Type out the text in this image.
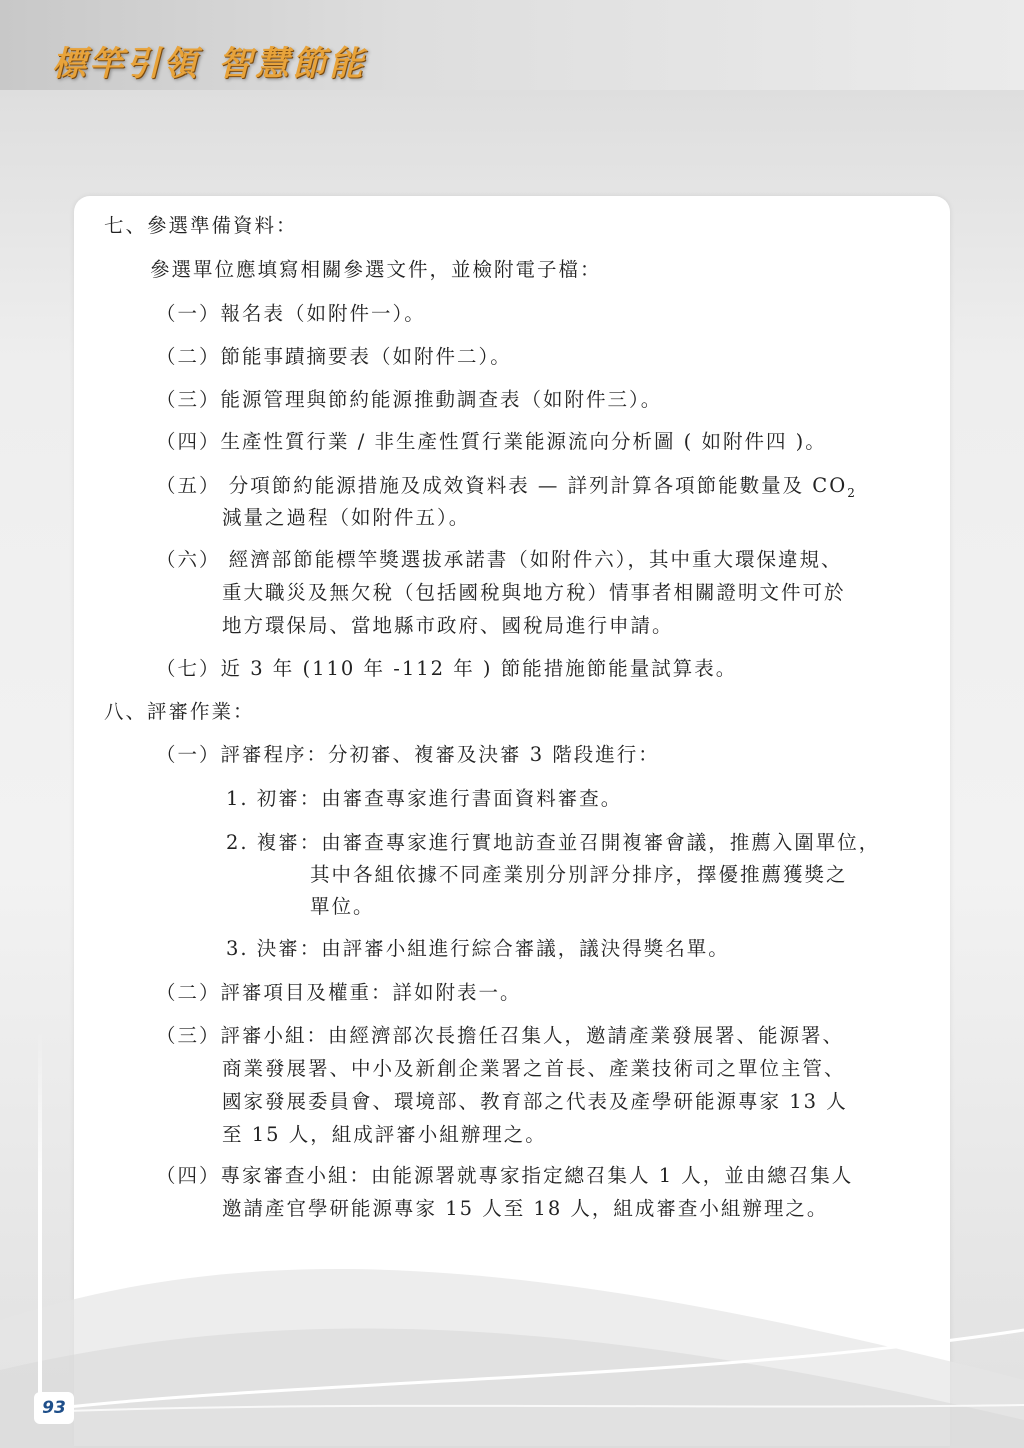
標竿引領 智慧節能
93
七、參選準備資料：
參選單位應填寫相關參選文件，並檢附電子檔：
（一）報名表（如附件一）。
（二）節能事蹟摘要表（如附件二）。
（三）能源管理與節約能源推動調查表（如附件三）。
（四）生產性質行業 / 非生產性質行業能源流向分析圖 ( 如附件四 )。
（五） 分項節約能源措施及成效資料表 — 詳列計算各項節能數量及 $CO_2$
減量之過程（如附件五）。
（六） 經濟部節能標竿獎選拔承諾書（如附件六），其中重大環保違規、
重大職災及無欠稅（包括國稅與地方稅）情事者相關證明文件可於
地方環保局、當地縣市政府、國稅局進行申請。
（七）近 3 年 (110 年 -112 年 ) 節能措施節能量試算表。
八、評審作業：
（一）評審程序：分初審、複審及決審 3 階段進行：
1. 初審：由審查專家進行書面資料審查。
2. 複審：由審查專家進行實地訪查並召開複審會議，推薦入圍單位，
其中各組依據不同產業別分別評分排序，擇優推薦獲獎之
單位。
3. 決審：由評審小組進行綜合審議，議決得獎名單。
（二）評審項目及權重：詳如附表一。
（三）評審小組：由經濟部次長擔任召集人，邀請產業發展署、能源署、
商業發展署、中小及新創企業署之首長、產業技術司之單位主管、
國家發展委員會、環境部、教育部之代表及產學研能源專家 13 人
至 15 人，組成評審小組辦理之。
（四）專家審查小組：由能源署就專家指定總召集人 1 人，並由總召集人
邀請產官學研能源專家 15 人至 18 人，組成審查小組辦理之。
